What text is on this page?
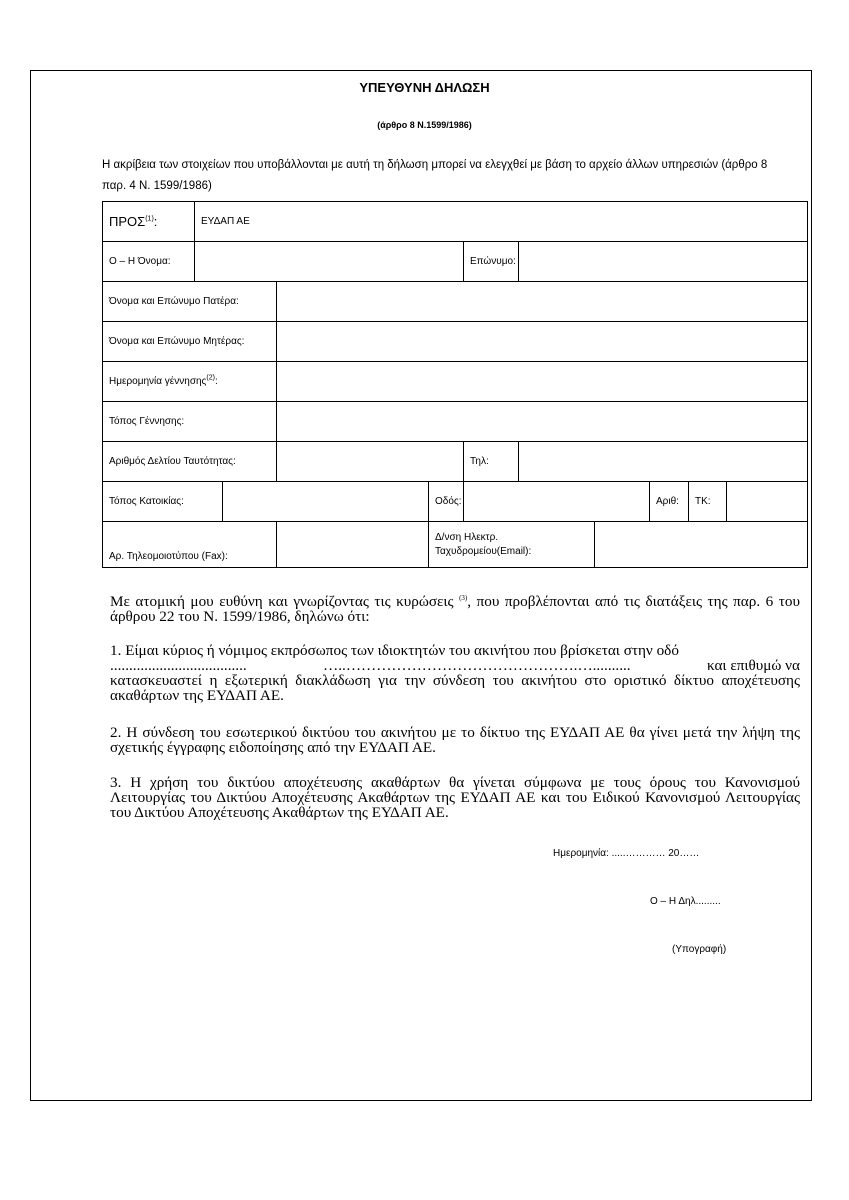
ΥΠΕΥΘΥΝΗ ΔΗΛΩΣΗ
(άρθρο 8 Ν.1599/1986)
Η ακρίβεια των στοιχείων που υποβάλλονται με αυτή τη δήλωση μπορεί να ελεγχθεί με βάση το αρχείο άλλων υπηρεσιών (άρθρο 8 παρ. 4 Ν. 1599/1986)
ΠΡΟΣ$^{(1)}$:	ΕΥΔΑΠ ΑΕ									
Ο – Η Όνομα:					Επώνυμο:					
Όνομα και Επώνυμο Πατέρα:										
Όνομα και Επώνυμο Μητέρας:										
Ημερομηνία γέννησης$^{(2)}$:										
Τόπος Γέννησης:										
Αριθμός Δελτίου Ταυτότητας:					Τηλ:					
Τόπος Κατοικίας:				Οδός:				Αριθ:	ΤΚ:	
Αρ. Τηλεομοιοτύπου (Fax):				Δ/νση Ηλεκτρ.
Ταχυδρομείου(Email):						
Με ατομική μου ευθύνη και γνωρίζοντας τις κυρώσεις $^{(3)}$, που προβλέπονται από τις διατάξεις της παρ. 6 του άρθρου 22 του Ν. 1599/1986, δηλώνω ότι:
1. Είμαι κύριος ή νόμιμος εκπρόσωπος των ιδιοκτητών του ακινήτου που βρίσκεται στην οδό
....................................	…..……………………………………….…..........	και επιθυμώ να
κατασκευαστεί η εξωτερική διακλάδωση για την σύνδεση του ακινήτου στο οριστικό δίκτυο αποχέτευσης ακαθάρτων της ΕΥΔΑΠ ΑΕ.
2. Η σύνδεση του εσωτερικού δικτύου του ακινήτου με το δίκτυο της ΕΥΔΑΠ ΑΕ θα γίνει μετά την λήψη της σχετικής έγγραφης ειδοποίησης από την ΕΥΔΑΠ ΑΕ.
3. Η χρήση του δικτύου αποχέτευσης ακαθάρτων θα γίνεται σύμφωνα με τους όρους του Κανονισμού Λειτουργίας του Δικτύου Αποχέτευσης Ακαθάρτων της ΕΥΔΑΠ ΑΕ και του Ειδικού Κανονισμού Λειτουργίας του Δικτύου Αποχέτευσης Ακαθάρτων της ΕΥΔΑΠ ΑΕ.
Ημερομηνία: .....………… 20……
Ο – Η Δηλ.........
(Υπογραφή)
